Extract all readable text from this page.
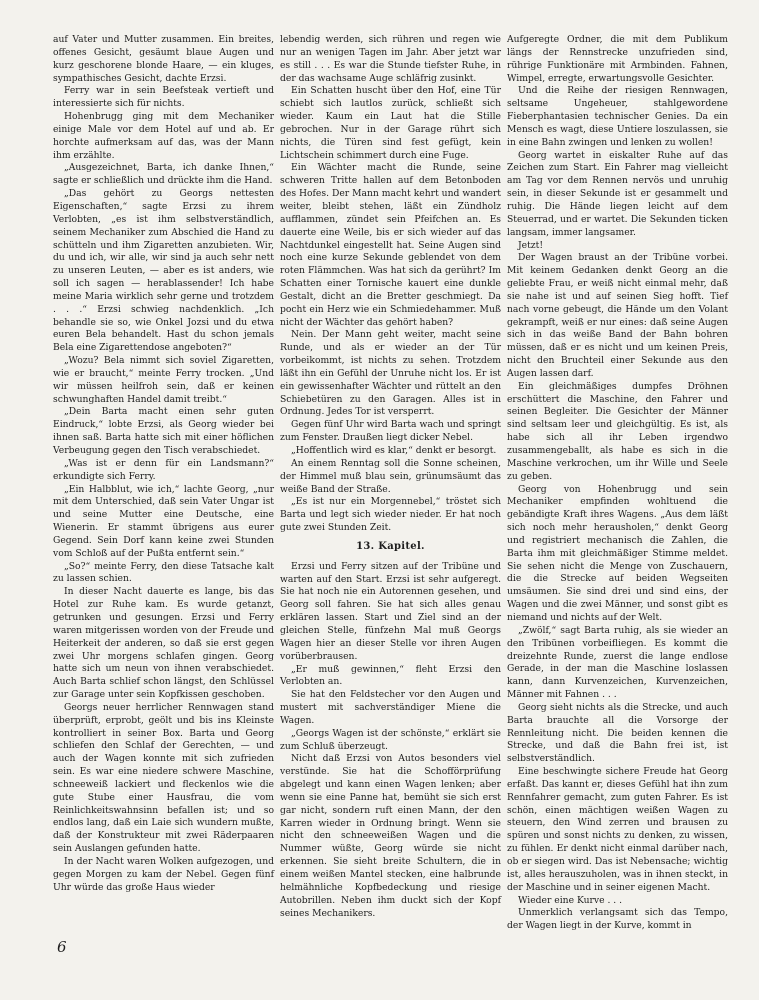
auf Vater und Mutter zusammen. Ein breites, offenes Gesicht, gesäumt blaue Augen und kurz geschorene blonde Haare, — ein kluges, sympathisches Gesicht, dachte Erzsi.

Ferry war in sein Beefsteak vertieft und interessierte sich für nichts.

Hohenbrugg ging mit dem Mechaniker einige Male vor dem Hotel auf und ab. Er horchte aufmerksam auf das, was der Mann ihm erzählte.

„Ausgezeichnet, Barta, ich danke Ihnen,“ sagte er schließlich und drückte ihm die Hand.

„Das gehört zu Georgs nettesten Eigenschaften,“ sagte Erzsi zu ihrem Verlobten, „es ist ihm selbstverständlich, seinem Mechaniker zum Abschied die Hand zu schütteln und ihm Zigaretten anzubieten. Wir, du und ich, wir alle, wir sind ja auch sehr nett zu unseren Leuten, — aber es ist anders, wie soll ich sagen — herablassender! Ich habe meine Maria wirklich sehr gerne und trotzdem . . .“ Erzsi schwieg nachdenklich. „Ich behandle sie so, wie Onkel Jozsi und du etwa euren Bela behandelt. Hast du schon jemals Bela eine Zigarettendose angeboten?“

„Wozu? Bela nimmt sich soviel Zigaretten, wie er braucht,“ meinte Ferry trocken. „Und wir müssen heilfroh sein, daß er keinen schwunghaften Handel damit treibt.“

„Dein Barta macht einen sehr guten Eindruck,“ lobte Erzsi, als Georg wieder bei ihnen saß. Barta hatte sich mit einer höflichen Verbeugung gegen den Tisch verabschiedet.

„Was ist er denn für ein Landsmann?“ erkundigte sich Ferry.

„Ein Halbblut, wie ich,“ lachte Georg, „nur mit dem Unterschied, daß sein Vater Ungar ist und seine Mutter eine Deutsche, eine Wienerin. Er stammt übrigens aus eurer Gegend. Sein Dorf kann keine zwei Stunden vom Schloß auf der Pußta entfernt sein.“

„So?“ meinte Ferry, den diese Tatsache kalt zu lassen schien.

In dieser Nacht dauerte es lange, bis das Hotel zur Ruhe kam. Es wurde getanzt, getrunken und gesungen. Erzsi und Ferry waren mitgerissen worden von der Freude und Heiterkeit der anderen, so daß sie erst gegen zwei Uhr morgens schlafen gingen. Georg hatte sich um neun von ihnen verabschiedet. Auch Barta schlief schon längst, den Schlüssel zur Garage unter sein Kopfkissen geschoben.

Georgs neuer herrlicher Rennwagen stand überprüft, erprobt, geölt und bis ins Kleinste kontrolliert in seiner Box. Barta und Georg schliefen den Schlaf der Gerechten, — und auch der Wagen konnte mit sich zufrieden sein. Es war eine niedere schwere Maschine, schneeweiß lackiert und fleckenlos wie die gute Stube einer Hausfrau, die vom Reinlichkeitswahnsinn befallen ist; und so endlos lang, daß ein Laie sich wundern mußte, daß der Konstrukteur mit zwei Räderpaaren sein Auslangen gefunden hatte.

In der Nacht waren Wolken aufgezogen, und gegen Morgen zu kam der Nebel. Gegen fünf Uhr würde das große Haus wieder

lebendig werden, sich rühren und regen wie nur an wenigen Tagen im Jahr. Aber jetzt war es still . . . Es war die Stunde tiefster Ruhe, in der das wachsame Auge schläfrig zusinkt.

Ein Schatten huscht über den Hof, eine Tür schiebt sich lautlos zurück, schließt sich wieder. Kaum ein Laut hat die Stille gebrochen. Nur in der Garage rührt sich nichts, die Türen sind fest gefügt, kein Lichtschein schimmert durch eine Fuge.

Ein Wächter macht die Runde, seine schweren Tritte hallen auf dem Betonboden des Hofes. Der Mann macht kehrt und wandert weiter, bleibt stehen, läßt ein Zündholz aufflammen, zündet sein Pfeifchen an. Es dauerte eine Weile, bis er sich wieder auf das Nachtdunkel eingestellt hat. Seine Augen sind noch eine kurze Sekunde geblendet von dem roten Flämmchen. Was hat sich da gerührt? Im Schatten einer Tornische kauert eine dunkle Gestalt, dicht an die Bretter geschmiegt. Da pocht ein Herz wie ein Schmiedehammer. Muß nicht der Wächter das gehört haben?

Nein. Der Mann geht weiter, macht seine Runde, und als er wieder an der Tür vorbeikommt, ist nichts zu sehen. Trotzdem läßt ihn ein Gefühl der Unruhe nicht los. Er ist ein gewissenhafter Wächter und rüttelt an den Schiebetüren zu den Garagen. Alles ist in Ordnung. Jedes Tor ist versperrt.

Gegen fünf Uhr wird Barta wach und springt zum Fenster. Draußen liegt dicker Nebel.

„Hoffentlich wird es klar,“ denkt er besorgt.

An einem Renntag soll die Sonne scheinen, der Himmel muß blau sein, grünumsäumt das weiße Band der Straße.

„Es ist nur ein Morgennebel,“ tröstet sich Barta und legt sich wieder nieder. Er hat noch gute zwei Stunden Zeit.

13. Kapitel.

Erzsi und Ferry sitzen auf der Tribüne und warten auf den Start. Erzsi ist sehr aufgeregt. Sie hat noch nie ein Autorennen gesehen, und Georg soll fahren. Sie hat sich alles genau erklären lassen. Start und Ziel sind an der gleichen Stelle, fünfzehn Mal muß Georgs Wagen hier an dieser Stelle vor ihren Augen vorüberbrausen.

„Er muß gewinnen,“ fleht Erzsi den Verlobten an.

Sie hat den Feldstecher vor den Augen und mustert mit sachverständiger Miene die Wagen.

„Georgs Wagen ist der schönste,“ erklärt sie zum Schluß überzeugt.

Nicht daß Erzsi von Autos besonders viel verstünde. Sie hat die Schofförprüfung abgelegt und kann einen Wagen lenken; aber wenn sie eine Panne hat, bemüht sie sich erst gar nicht, sondern ruft einen Mann, der den Karren wieder in Ordnung bringt. Wenn sie nicht den schneeweißen Wagen und die Nummer wüßte, Georg würde sie nicht erkennen. Sie sieht breite Schultern, die in einem weißen Mantel stecken, eine halbrunde helmähnliche Kopfbedeckung und riesige Autobrillen. Neben ihm duckt sich der Kopf seines Mechanikers.

Aufgeregte Ordner, die mit dem Publikum längs der Rennstrecke unzufrieden sind, rührige Funktionäre mit Armbinden. Fahnen, Wimpel, erregte, erwartungsvolle Gesichter.

Und die Reihe der riesigen Rennwagen, seltsame Ungeheuer, stahlgewordene Fieberphantasien technischer Genies. Da ein Mensch es wagt, diese Untiere loszulassen, sie in eine Bahn zwingen und lenken zu wollen!

Georg wartet in eiskalter Ruhe auf das Zeichen zum Start. Ein Fahrer mag vielleicht am Tag vor dem Rennen nervös und unruhig sein, in dieser Sekunde ist er gesammelt und ruhig. Die Hände liegen leicht auf dem Steuerrad, und er wartet. Die Sekunden ticken langsam, immer langsamer.

Jetzt!

Der Wagen braust an der Tribüne vorbei. Mit keinem Gedanken denkt Georg an die geliebte Frau, er weiß nicht einmal mehr, daß sie nahe ist und auf seinen Sieg hofft. Tief nach vorne gebeugt, die Hände um den Volant gekrampft, weiß er nur eines: daß seine Augen sich in das weiße Band der Bahn bohren müssen, daß er es nicht und um keinen Preis, nicht den Bruchteil einer Sekunde aus den Augen lassen darf.

Ein gleichmäßiges dumpfes Dröhnen erschüttert die Maschine, den Fahrer und seinen Begleiter. Die Gesichter der Männer sind seltsam leer und gleichgültig. Es ist, als habe sich all ihr Leben irgendwo zusammengeballt, als habe es sich in die Maschine verkrochen, um ihr Wille und Seele zu geben.

Georg von Hohenbrugg und sein Mechaniker empfinden wohltuend die gebändigte Kraft ihres Wagens. „Aus dem läßt sich noch mehr herausholen,“ denkt Georg und registriert mechanisch die Zahlen, die Barta ihm mit gleichmäßiger Stimme meldet. Sie sehen nicht die Menge von Zuschauern, die die Strecke auf beiden Wegseiten umsäumen. Sie sind drei und sind eins, der Wagen und die zwei Männer, und sonst gibt es niemand und nichts auf der Welt.

„Zwölf,“ sagt Barta ruhig, als sie wieder an den Tribünen vorbeifliegen. Es kommt die dreizehnte Runde, zuerst die lange endlose Gerade, in der man die Maschine loslassen kann, dann Kurvenzeichen, Kurvenzeichen, Männer mit Fahnen . . .

Georg sieht nichts als die Strecke, und auch Barta brauchte all die Vorsorge der Rennleitung nicht. Die beiden kennen die Strecke, und daß die Bahn frei ist, ist selbstverständlich.

Eine beschwingte sichere Freude hat Georg erfaßt. Das kannt er, dieses Gefühl hat ihn zum Rennfahrer gemacht, zum guten Fahrer. Es ist schön, einen mächtigen weißen Wagen zu steuern, den Wind zerren und brausen zu spüren und sonst nichts zu denken, zu wissen, zu fühlen. Er denkt nicht einmal darüber nach, ob er siegen wird. Das ist Nebensache; wichtig ist, alles herauszuholen, was in ihnen steckt, in der Maschine und in seiner eigenen Macht.

Wieder eine Kurve . . .

Unmerklich verlangsamt sich das Tempo, der Wagen liegt in der Kurve, kommt in

6
